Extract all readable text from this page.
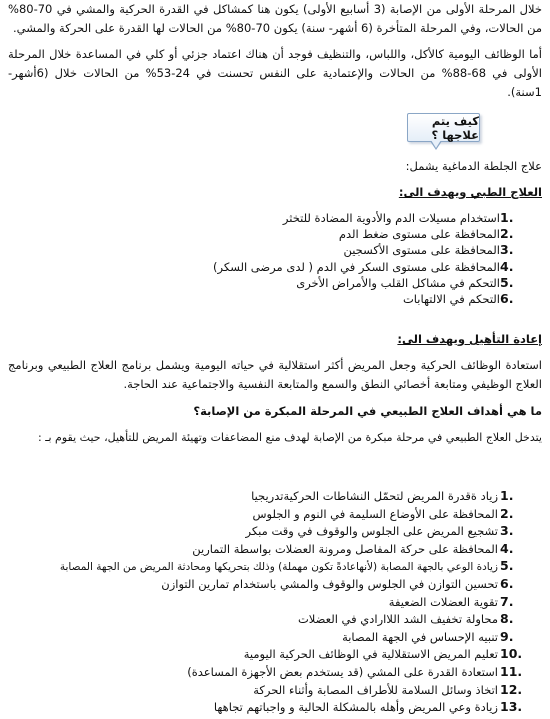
خلال المرحلة الأولى من الإصابة (3 أسابيع الأولى) يكون هنا كمشاكل في القدرة الحركية والمشي في 70-80% من الحالات، وفي المرحلة المتأخرة (6 أشهر- سنة) يكون 70-80% من الحالات لها القدرة على الحركة والمشي.

أما الوظائف اليومية كالأكل، واللباس، والتنظيف فوجد أن هناك اعتماد جزئي أو كلي في المساعدة خلال المرحلة الأولى في 68-88% من الحالات والإعتمادية على النفس تحسنت في 24-53% من الحالات خلال (6أشهر- 1سنة).

كيف يتم علاجها ؟
علاج الجلطة الدماغية يشمل:
العلاج الطبي ويهدف الى:
1.
استخدام مسيلات الدم والأدوية المضادة للتخثر
2.
المحافظة على مستوى ضغط الدم
3.
المحافظة على مستوى الأكسجين
4.
المحافظة على مستوى السكر في الدم ( لدى مرضى السكر)
5.
التحكم في مشاكل القلب والأمراض الأخرى
6.
التحكم في الالتهابات
إعادة التأهيل ويهدف الى:

استعادة الوظائف الحركية وجعل المريض أكثر استقلالية في حياته اليومية ويشمل برنامج العلاج الطبيعي وبرنامج العلاج الوظيفي ومتابعة أخصائي النطق والسمع والمتابعة النفسية والاجتماعية عند الحاجة.

ما هي أهداف العلاج الطبيعي في المرحلة المبكرة من الإصابة؟
يتدخل العلاج الطبيعي في مرحلة مبكرة من الإصابة لهدف منع المضاعفات وتهيئة المريض للتأهيل، حيث يقوم بـ :
1.
زياد ةقدرة المريض لتحمّل النشاطات الحركيةتدريجيا
2.
المحافظة على الأوضاع السليمة في النوم و الجلوس
3.
تشجيع المريض على الجلوس والوقوف في وقت مبكر
4.
المحافظة على حركة المفاصل ومرونة العضلات بواسطة التمارين
5.
زيادة الوعي بالجهة المصابة (لأنهاعادةً تكون مهملة) وذلك بتحريكها ومحادثة المريض من الجهة المصابة
6.
تحسين التوازن في الجلوس والوقوف والمشي باستخدام تمارين التوازن
7.
تقوية العضلات الضعيفة
8.
محاولة تخفيف الشد اللاارادي في العضلات
9.
تنبيه الإحساس في الجهة المصابة
10.
تعليم المريض الاستقلالية في الوظائف الحركية اليومية
11.
استعادة القدرة على المشي (قد يستخدم بعض الأجهزة المساعدة)
12.
اتخاذ وسائل السلامة للأطراف المصابة وأثناء الحركة
13.
زيادة وعي المريض وأهله بالمشكلة الحالية و واجباتهم تجاهها
